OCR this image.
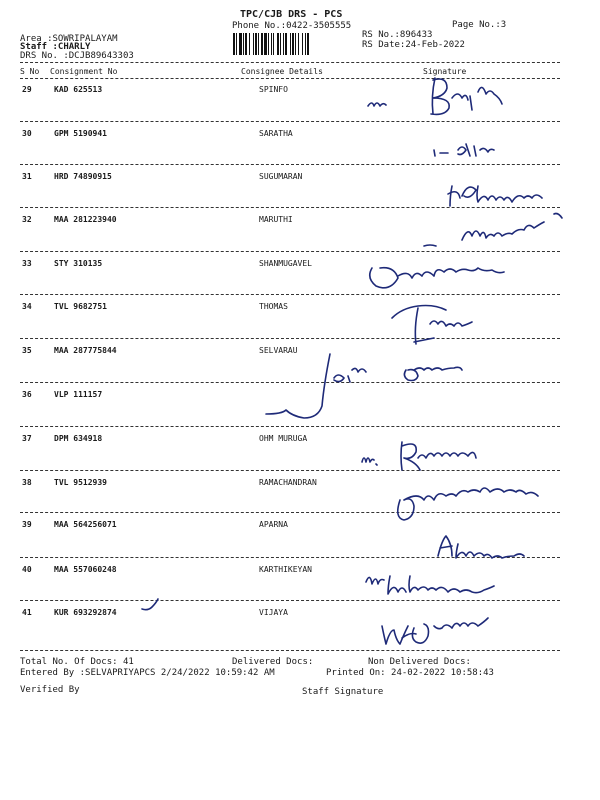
TPC/CJB DRS - PCS
Phone No.:0422-3505555	Page No.:3
RS No.:896433
RS Date:24-Feb-2022
Area :SOWRIPALAYAM
Staff :CHARLY
DRS No. :DCJB89643303
S No Consignment No	Consignee Details	Signature
29	KAD 625513	SPINFO
30	GPM 5190941	SARATHA
31	HRD 74890915	SUGUMARAN
32	MAA 281223940	MARUTHI
33	STY 310135	SHANMUGAVEL
34	TVL 9682751	THOMAS
35	MAA 287775844	SELVARAU
36	VLP 111157
37	DPM 634918	OHM MURUGA
38	TVL 9512939	RAMACHANDRAN
39	MAA 564256071	APARNA
40	MAA 557060248	KARTHIKEYAN
41	KUR 693292874	VIJAYA
Total No. Of Docs: 41	Delivered Docs:	Non Delivered Docs:
Entered By :SELVAPRIYAPCS 2/24/2022 10:59:42 AM	Printed On: 24-02-2022 10:58:43
Verified By	Staff Signature
